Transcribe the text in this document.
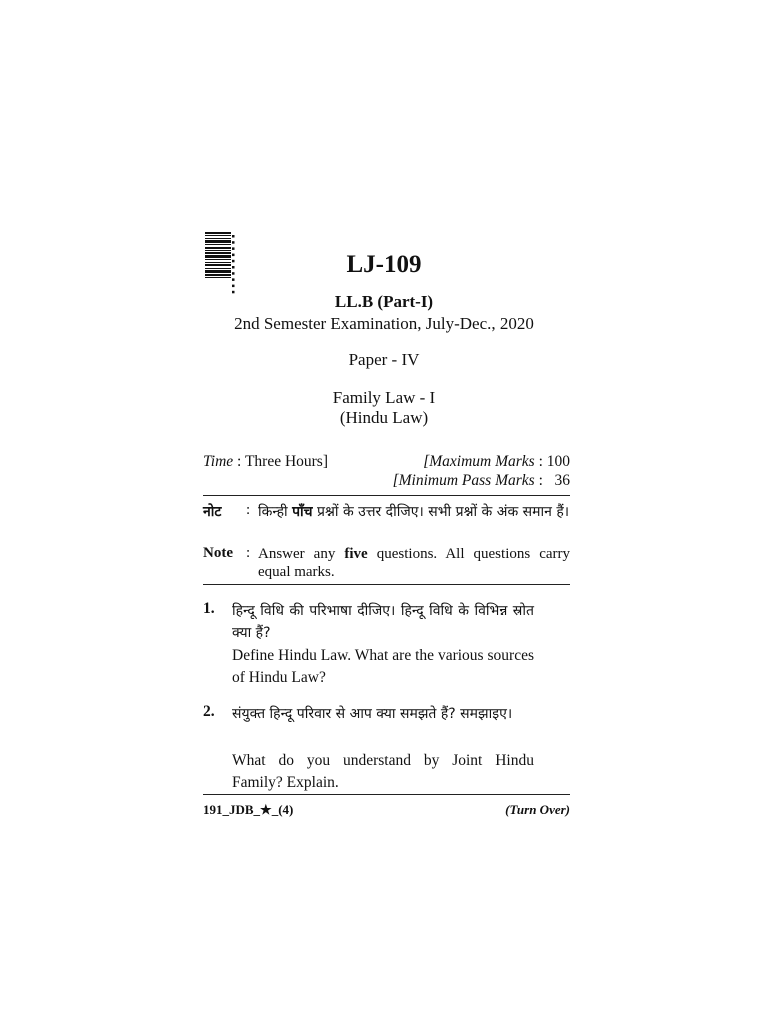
LJ-109
LL.B (Part-I)
2nd Semester Examination, July-Dec., 2020
Paper - IV
Family Law - I
(Hindu Law)
Time : Three Hours]	[Maximum Marks : 100
[Minimum Pass Marks :   36
नोट : किन्ही पाँच प्रश्नों के उत्तर दीजिए। सभी प्रश्नों के अंक समान हैं।
Note : Answer any five questions. All questions carry equal marks.
1. हिन्दू विधि की परिभाषा दीजिए। हिन्दू विधि के विभिन्न स्रोत क्या हैं?
Define Hindu Law. What are the various sources of Hindu Law?
2. संयुक्त हिन्दू परिवार से आप क्या समझते हैं? समझाइए।
What do you understand by Joint Hindu Family? Explain.
191_JDB_★_(4)	(Turn Over)
